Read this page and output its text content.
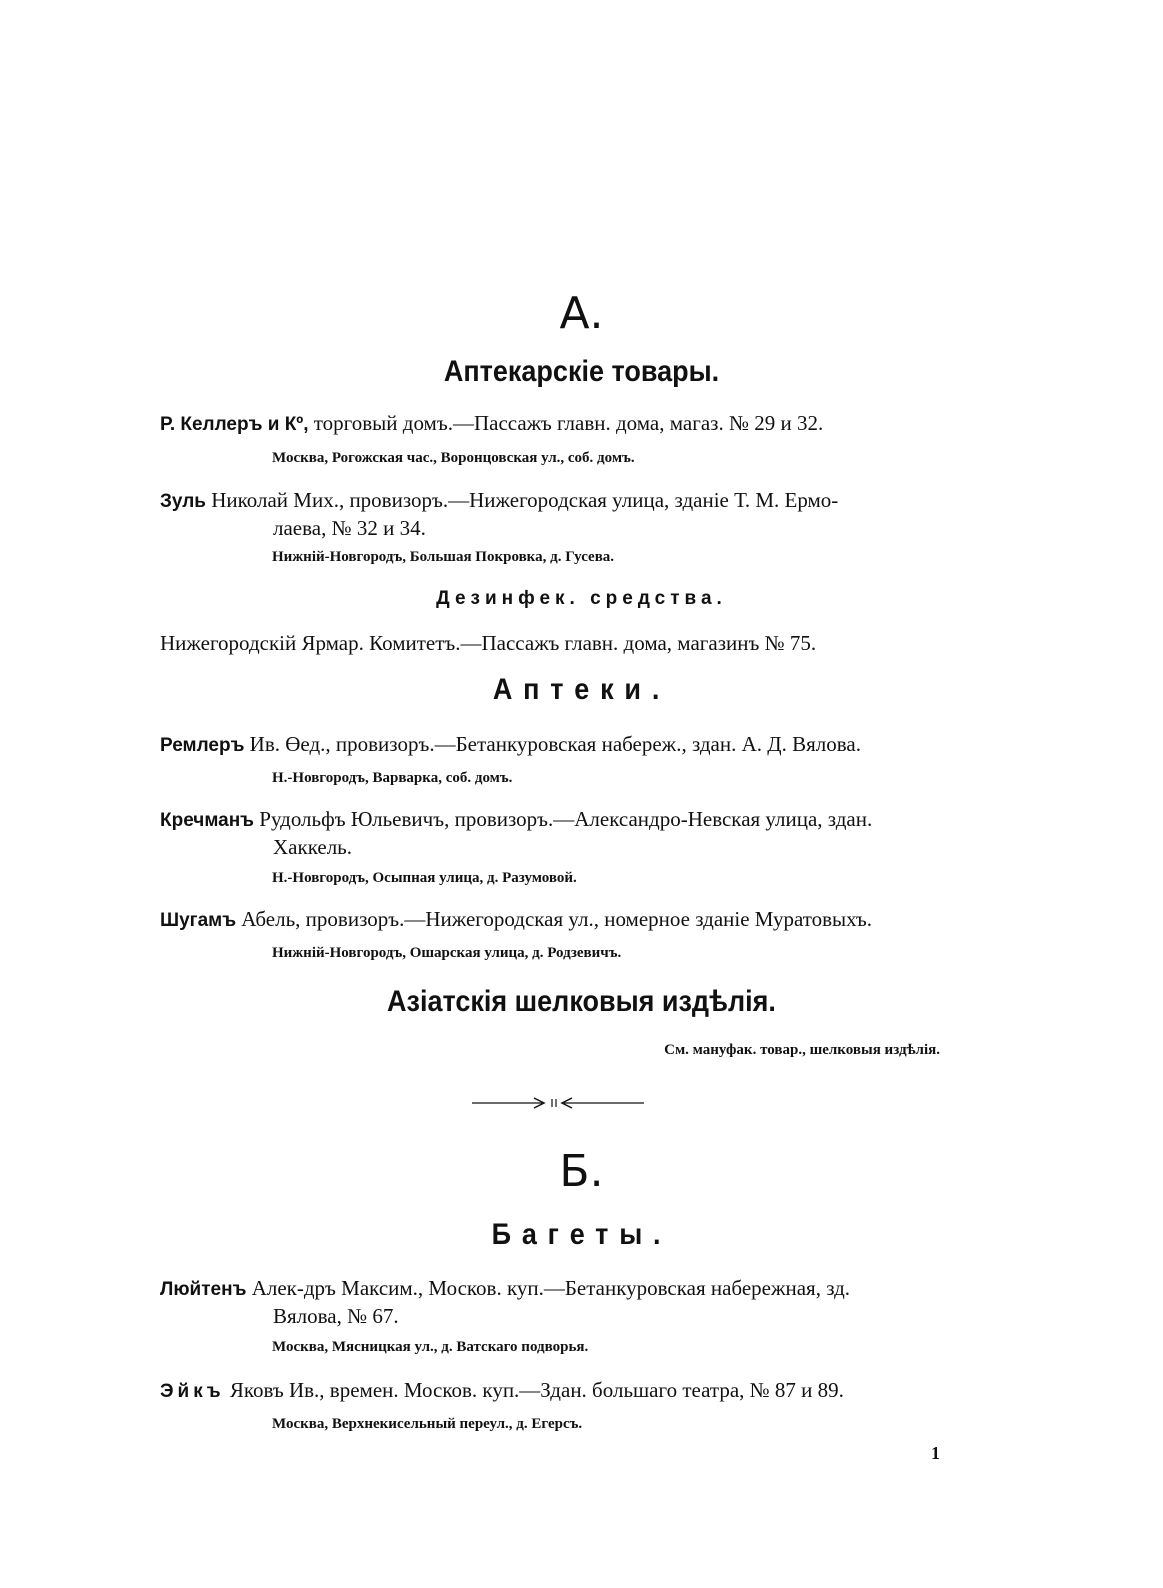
А.
Аптекарскіе товары.
Р. Келлеръ и Кº, торговый домъ.—Пассажъ главн. дома, магаз. № 29 и 32.
Москва, Рогожская час., Воронцовская ул., соб. домъ.
Зуль Николай Мих., провизоръ.—Нижегородская улица, зданіе Т. М. Ермо-
лаева, № 32 и 34.
Нижній-Новгородъ, Большая Покровка, д. Гусева.
Дезинфек. средства.
Нижегородскій Ярмар. Комитетъ.—Пассажъ главн. дома, магазинъ № 75.
Аптеки.
Ремлеръ Ив. Өед., провизоръ.—Бетанкуровская набереж., здан. А. Д. Вялова.
Н.-Новгородъ, Варварка, соб. домъ.
Кречманъ Рудольфъ Юльевичъ, провизоръ.—Александро-Невская улица, здан.
Хаккель.
Н.-Новгородъ, Осыпная улица, д. Разумовой.
Шугамъ Абель, провизоръ.—Нижегородская ул., номерное зданіе Муратовыхъ.
Нижній-Новгородъ, Ошарская улица, д. Родзевичъ.
Азіатскія шелковыя издѣлія.
См. мануфак. товар., шелковыя издѣлія.
Б.
Багеты.
Люйтенъ Алек-дръ Максим., Москов. куп.—Бетанкуровская набережная, зд.
Вялова, № 67.
Москва, Мясницкая ул., д. Ватскаго подворья.
Эйкъ Яковъ Ив., времен. Москов. куп.—Здан. большаго театра, № 87 и 89.
Москва, Верхнекисельный переул., д. Егерсъ.
1
